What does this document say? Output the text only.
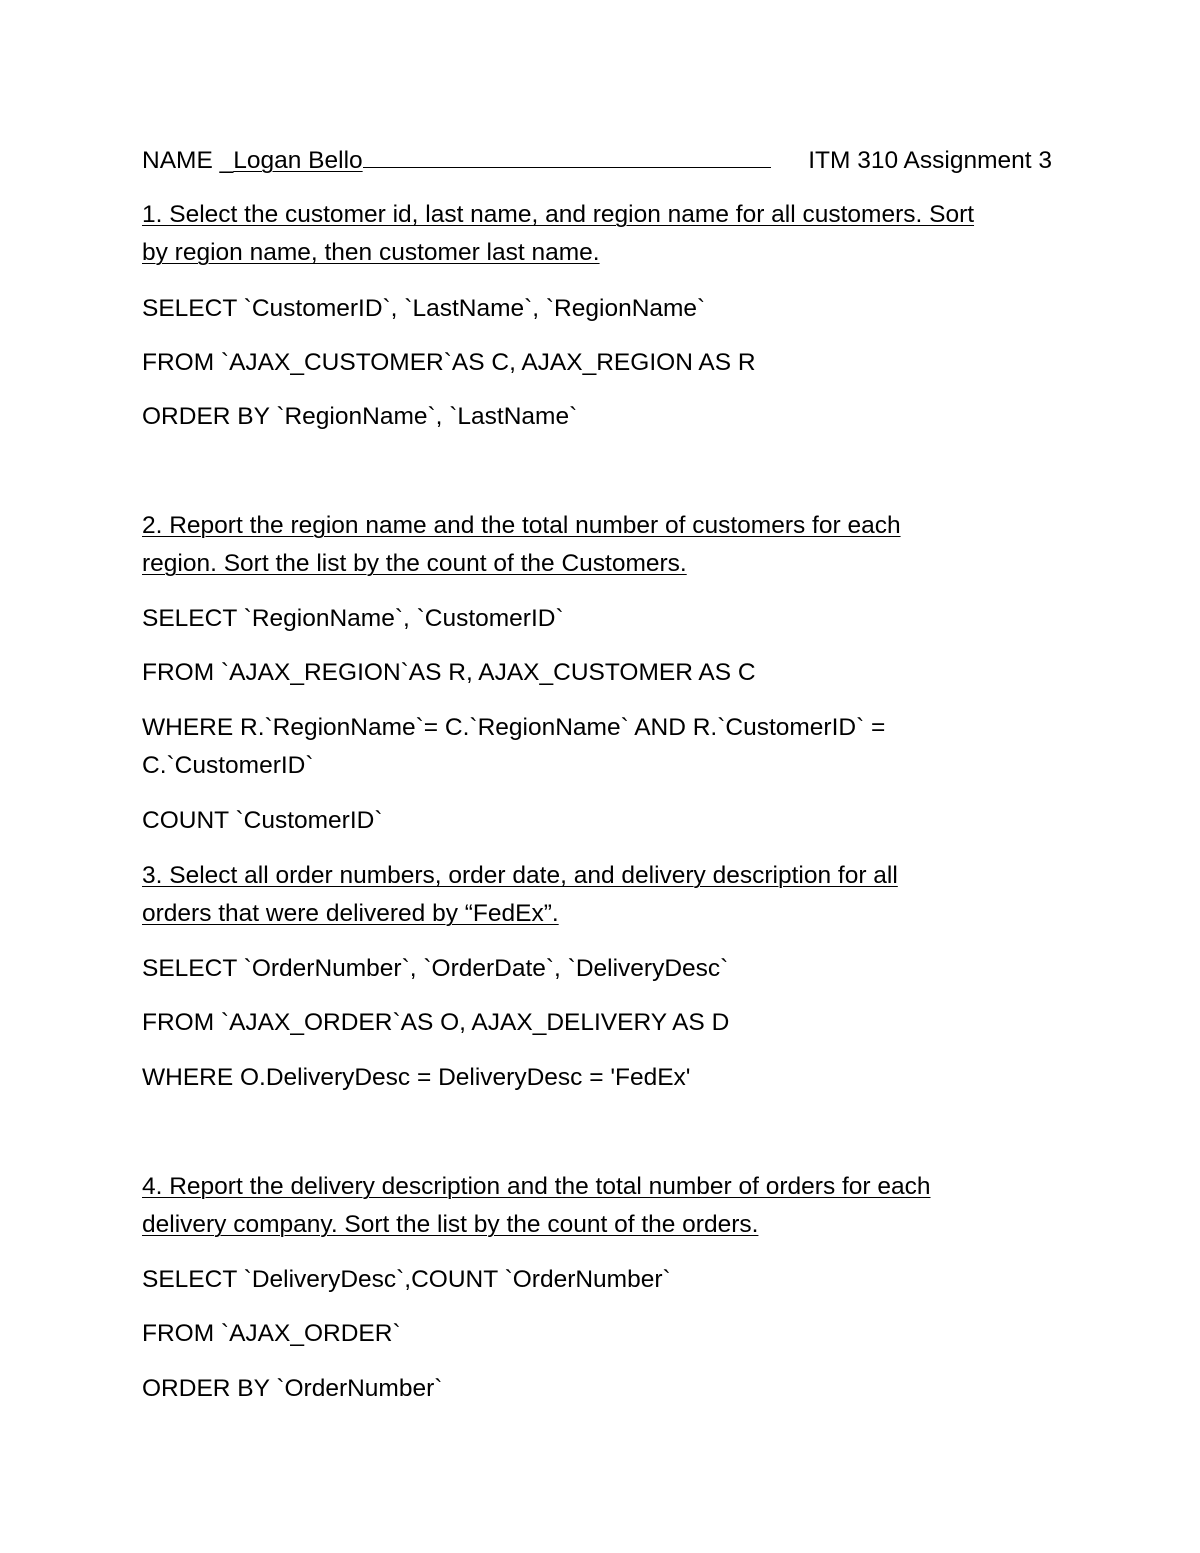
NAME _Logan Bello	ITM 310 Assignment 3
1. Select the customer id, last name, and region name for all customers. Sort
by region name, then customer last name.
SELECT `CustomerID`, `LastName`, `RegionName`
FROM `AJAX_CUSTOMER`AS C, AJAX_REGION AS R
ORDER BY `RegionName`, `LastName`
2. Report the region name and the total number of customers for each
region. Sort the list by the count of the Customers.
SELECT `RegionName`, `CustomerID`
FROM `AJAX_REGION`AS R, AJAX_CUSTOMER AS C
WHERE R.`RegionName`= C.`RegionName` AND R.`CustomerID` =
C.`CustomerID`
COUNT `CustomerID`
3. Select all order numbers, order date, and delivery description for all
orders that were delivered by “FedEx”.
SELECT `OrderNumber`, `OrderDate`, `DeliveryDesc`
FROM `AJAX_ORDER`AS O, AJAX_DELIVERY AS D
WHERE O.DeliveryDesc = DeliveryDesc = 'FedEx'
4. Report the delivery description and the total number of orders for each
delivery company. Sort the list by the count of the orders.
SELECT `DeliveryDesc`,COUNT `OrderNumber`
FROM `AJAX_ORDER`
ORDER BY `OrderNumber`
